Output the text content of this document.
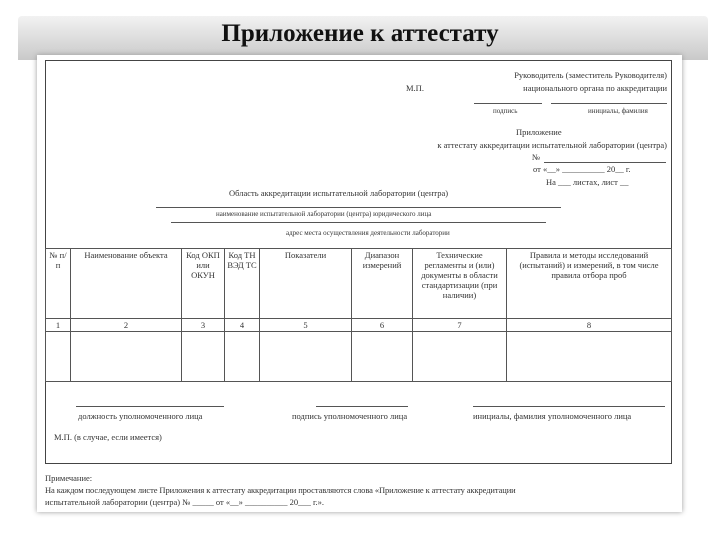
Приложение к аттестату
М.П.
Руководитель (заместитель Руководителя)
национального органа по аккредитации
подпись	инициалы, фамилия
Приложение
к аттестату аккредитации испытательной лаборатории (центра)
№
от «__» __________ 20__ г.
На ___ листах, лист __
Область аккредитации испытательной лаборатории (центра)
наименование испытательной лаборатории (центра) юридического лица
адрес места осуществления деятельности лаборатории
№ п/п	Наименование объекта	Код ОКП или ОКУН	Код ТН ВЭД ТС	Показатели	Диапазон измерений	Технические регламенты и (или) документы в области стандартизации (при наличии)	Правила и методы исследований (испытаний) и измерений, в том числе правила отбора проб
1	2	3	4	5	6	7	8

должность уполномоченного лица	подпись уполномоченного лица	инициалы, фамилия уполномоченного лица
М.П. (в случае, если имеется)
Примечание:
На каждом последующем листе Приложения к аттестату аккредитации проставляются слова «Приложение к аттестату аккредитации
испытательной лаборатории (центра) № _____ от «__» __________ 20___ г.».
